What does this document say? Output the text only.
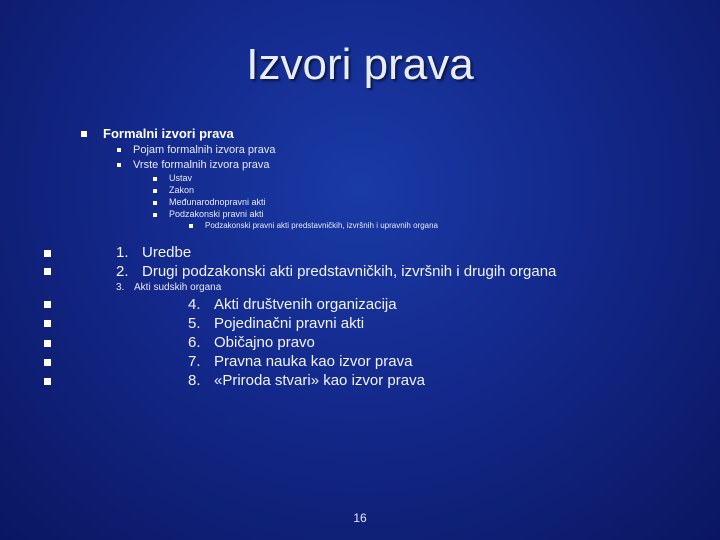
Izvori prava
Formalni izvori prava
Pojam formalnih izvora prava
Vrste formalnih izvora prava
Ustav
Zakon
Međunarodnopravni akti
Podzakonski pravni akti
Podzakonski pravni akti predstavničkih, izvršnih i upravnih organa
1. Uredbe
2. Drugi podzakonski akti predstavničkih, izvršnih i drugih organa
3. Akti sudskih organa
4. Akti društvenih organizacija
5. Pojedinačni pravni akti
6. Običajno pravo
7. Pravna nauka kao izvor prava
8. «Priroda stvari» kao izvor prava
16
